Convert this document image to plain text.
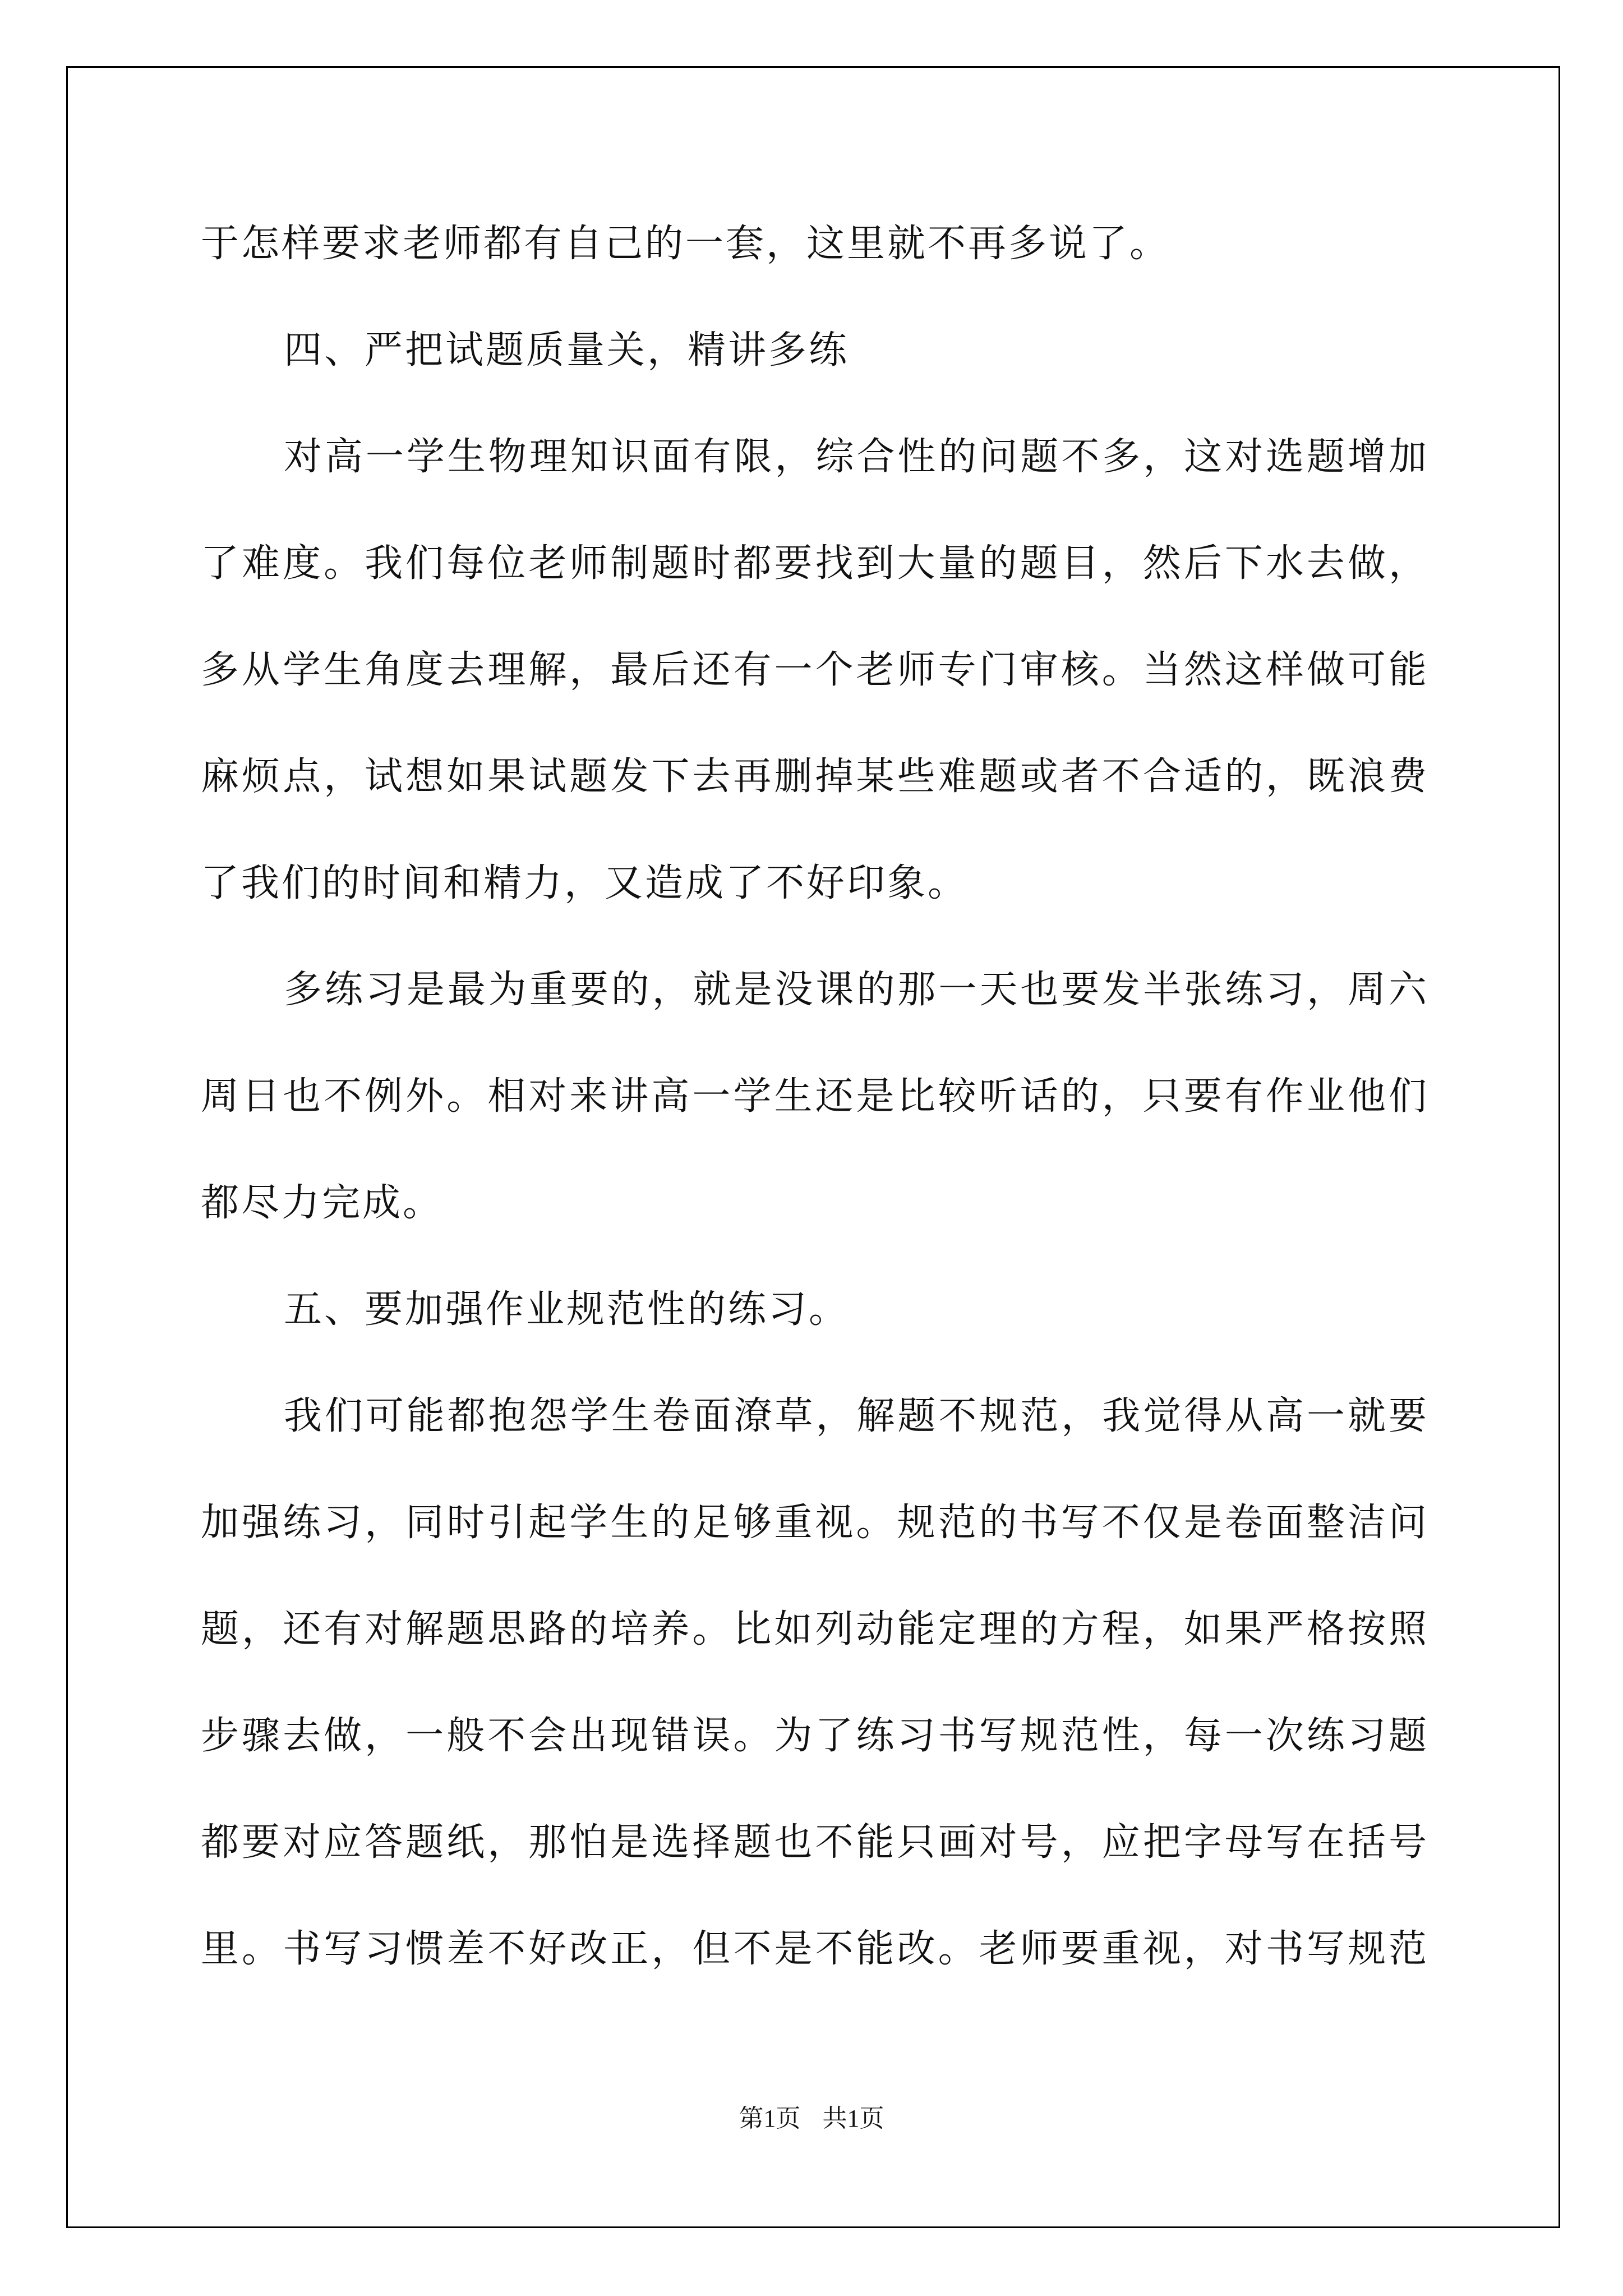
于怎样要求老师都有自己的一套，这里就不再多说了。
四、严把试题质量关，精讲多练
对高一学生物理知识面有限，综合性的问题不多，这对选题增加
了难度。我们每位老师制题时都要找到大量的题目，然后下水去做，
多从学生角度去理解，最后还有一个老师专门审核。当然这样做可能
麻烦点，试想如果试题发下去再删掉某些难题或者不合适的，既浪费
了我们的时间和精力，又造成了不好印象。
多练习是最为重要的，就是没课的那一天也要发半张练习，周六
周日也不例外。相对来讲高一学生还是比较听话的，只要有作业他们
都尽力完成。
五、要加强作业规范性的练习。
我们可能都抱怨学生卷面潦草，解题不规范，我觉得从高一就要
加强练习，同时引起学生的足够重视。规范的书写不仅是卷面整洁问
题，还有对解题思路的培养。比如列动能定理的方程，如果严格按照
步骤去做，一般不会出现错误。为了练习书写规范性，每一次练习题
都要对应答题纸，那怕是选择题也不能只画对号，应把字母写在括号
里。书写习惯差不好改正，但不是不能改。老师要重视，对书写规范
第1页 共1页
